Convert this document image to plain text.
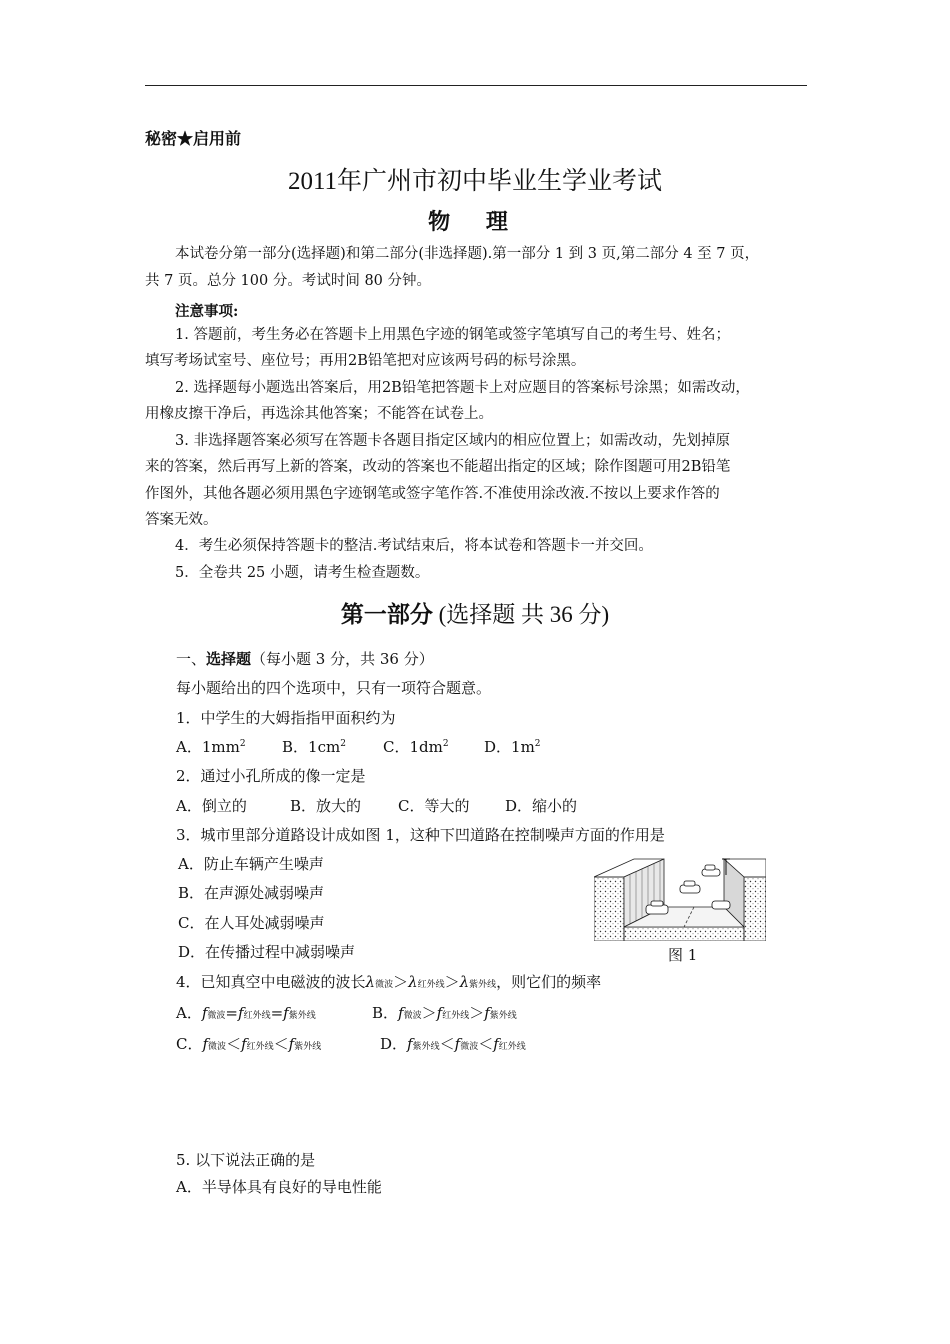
秘密★启用前
2011年广州市初中毕业生学业考试
物 理
本试卷分第一部分(选择题)和第二部分(非选择题).第一部分 1 到 3 页,第二部分 4 至 7 页，
共 7 页。总分 100 分。考试时间 80 分钟。
注意事项:
1. 答题前，考生务必在答题卡上用黑色字迹的钢笔或签字笔填写自己的考生号、姓名；
填写考场试室号、座位号；再用2B铅笔把对应该两号码的标号涂黑。
2. 选择题每小题选出答案后，用2B铅笔把答题卡上对应题目的答案标号涂黑；如需改动，
用橡皮擦干净后，再选涂其他答案；不能答在试卷上。
3. 非选择题答案必须写在答题卡各题目指定区域内的相应位置上；如需改动，先划掉原
来的答案，然后再写上新的答案，改动的答案也不能超出指定的区域；除作图题可用2B铅笔
作图外，其他各题必须用黑色字迹钢笔或签字笔作答.不准使用涂改液.不按以上要求作答的
答案无效。
4．考生必须保持答题卡的整洁.考试结束后，将本试卷和答题卡一并交回。
5．全卷共 25 小题，请考生检查题数。
第一部分 (选择题 共 36 分)
一、选择题（每小题 3 分，共 36 分）
每小题给出的四个选项中，只有一项符合题意。
1．中学生的大姆指指甲面积约为
A．$1mm^2$ B．$1cm^2$ C．$1dm^2$ D．$1m^2$
2．通过小孔所成的像一定是
A．倒立的	B．放大的 C．等大的 D．缩小的
3．城市里部分道路设计成如图 1，这种下凹道路在控制噪声方面的作用是
A．防止车辆产生噪声
B．在声源处减弱噪声
C．在人耳处减弱噪声
D．在传播过程中减弱噪声	图 1
4．已知真空中电磁波的波长λ微波＞λ红外线＞λ紫外线，则它们的频率
A．f微波=f红外线=f紫外线	B．f微波＞f红外线＞f紫外线
C．f微波＜f红外线＜f紫外线	D．f紫外线＜f微波＜f红外线
5. 以下说法正确的是
A．半导体具有良好的导电性能
